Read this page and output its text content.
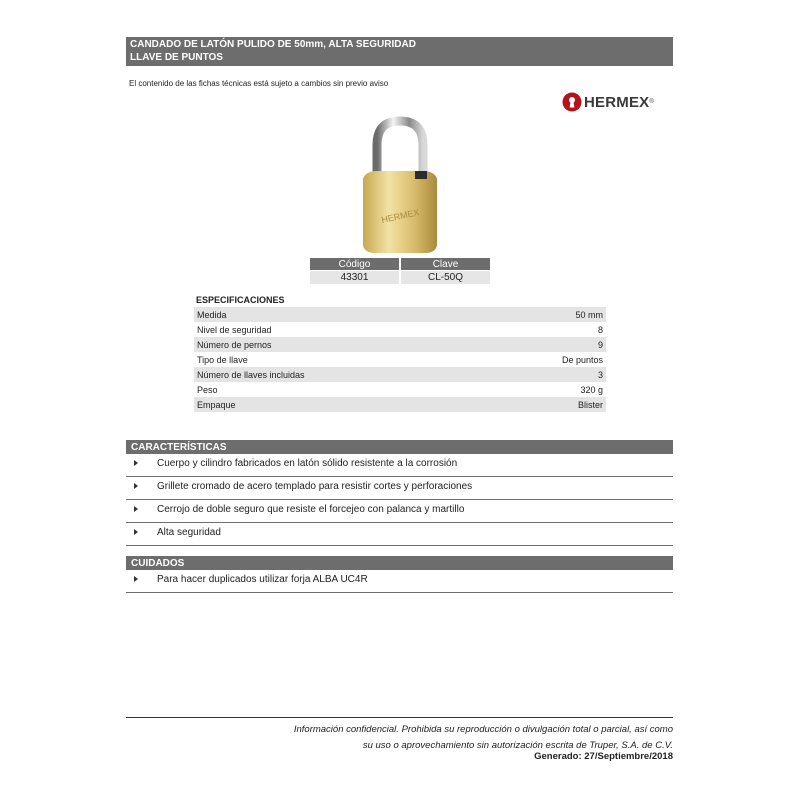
CANDADO DE LATÓN PULIDO DE 50mm, ALTA SEGURIDAD
LLAVE DE PUNTOS
El contenido de las fichas técnicas está sujeto a cambios sin previo aviso
HERMEX ®
HERMEX
Código	Clave
43301	CL-50Q
ESPECIFICACIONES
Medida	50 mm
Nivel de seguridad	8
Número de pernos	9
Tipo de llave	De puntos
Número de llaves incluidas	3
Peso	320 g
Empaque	Blister
CARACTERÍSTICAS
Cuerpo y cilindro fabricados en latón sólido resistente a la corrosión
Grillete cromado de acero templado para resistir cortes y perforaciones
Cerrojo de doble seguro que resiste el forcejeo con palanca y martillo
Alta seguridad
CUIDADOS
Para hacer duplicados utilizar forja ALBA UC4R
Información confidencial. Prohibida su reproducción o divulgación total o parcial, así como
su uso o aprovechamiento sin autorización escrita de Truper, S.A. de C.V.
Generado: 27/Septiembre/2018
